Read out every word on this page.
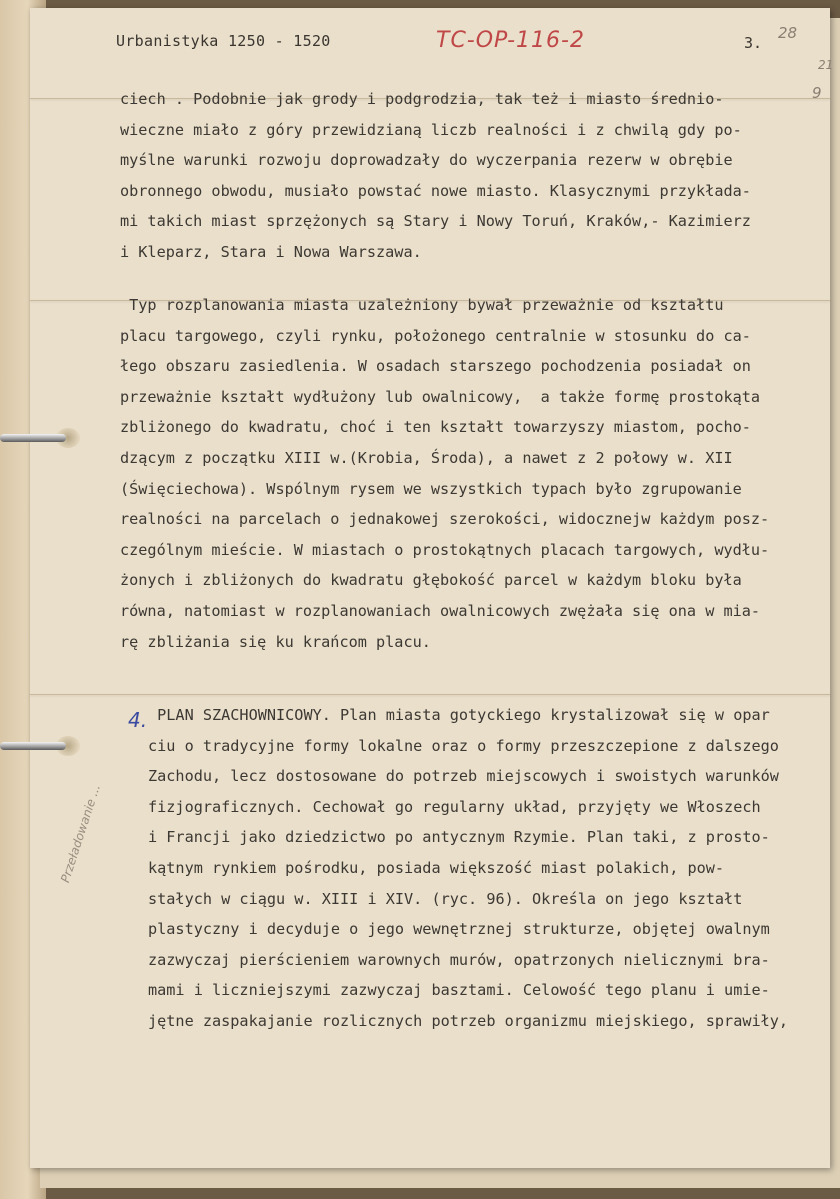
Urbanistyka 1250 - 1520	TC-OP-116-2	3.
28
21
9
ciech . Podobnie jak grody i podgrodzia, tak też i miasto średnio-
wieczne miało z góry przewidzianą liczb realności i z chwilą gdy po-
myślne warunki rozwoju doprowadzały do wyczerpania rezerw w obrębie
obronnego obwodu, musiało powstać nowe miasto. Klasycznymi przykłada-
mi takich miast sprzężonych są Stary i Nowy Toruń, Kraków,- Kazimierz
i Kleparz, Stara i Nowa Warszawa.
Typ rozplanowania miasta uzależniony bywał przeważnie od kształtu
placu targowego, czyli rynku, położonego centralnie w stosunku do ca-
łego obszaru zasiedlenia. W osadach starszego pochodzenia posiadał on
przeważnie kształt wydłużony lub owalnicowy,  a także formę prostokąta
zbliżonego do kwadratu, choć i ten kształt towarzyszy miastom, pocho-
dzącym z początku XIII w.(Krobia, Środa), a nawet z 2 połowy w. XII
(Święciechowa). Wspólnym rysem we wszystkich typach było zgrupowanie
realności na parcelach o jednakowej szerokości, widocznejw każdym posz-
czególnym mieście. W miastach o prostokątnych placach targowych, wydłu-
żonych i zbliżonych do kwadratu głębokość parcel w każdym bloku była
równa, natomiast w rozplanowaniach owalnicowych zwężała się ona w mia-
rę zbliżania się ku krańcom placu.
4. PLAN SZACHOWNICOWY. Plan miasta gotyckiego krystalizował się w opar
ciu o tradycyjne formy lokalne oraz o formy przeszczepione z dalszego
Zachodu, lecz dostosowane do potrzeb miejscowych i swoistych warunków
fizjograficznych. Cechował go regularny układ, przyjęty we Włoszech
i Francji jako dziedzictwo po antycznym Rzymie. Plan taki, z prosto-
kątnym rynkiem pośrodku, posiada większość miast polakich, pow-
stałych w ciągu w. XIII i XIV. (ryc. 96). Określa on jego kształt
plastyczny i decyduje o jego wewnętrznej strukturze, objętej owalnym
zazwyczaj pierścieniem warownych murów, opatrzonych nielicznymi bra-
mami i liczniejszymi zazwyczaj basztami. Celowość tego planu i umie-
jętne zaspakajanie rozlicznych potrzeb organizmu miejskiego, sprawiły,
Przeładowanie ...
